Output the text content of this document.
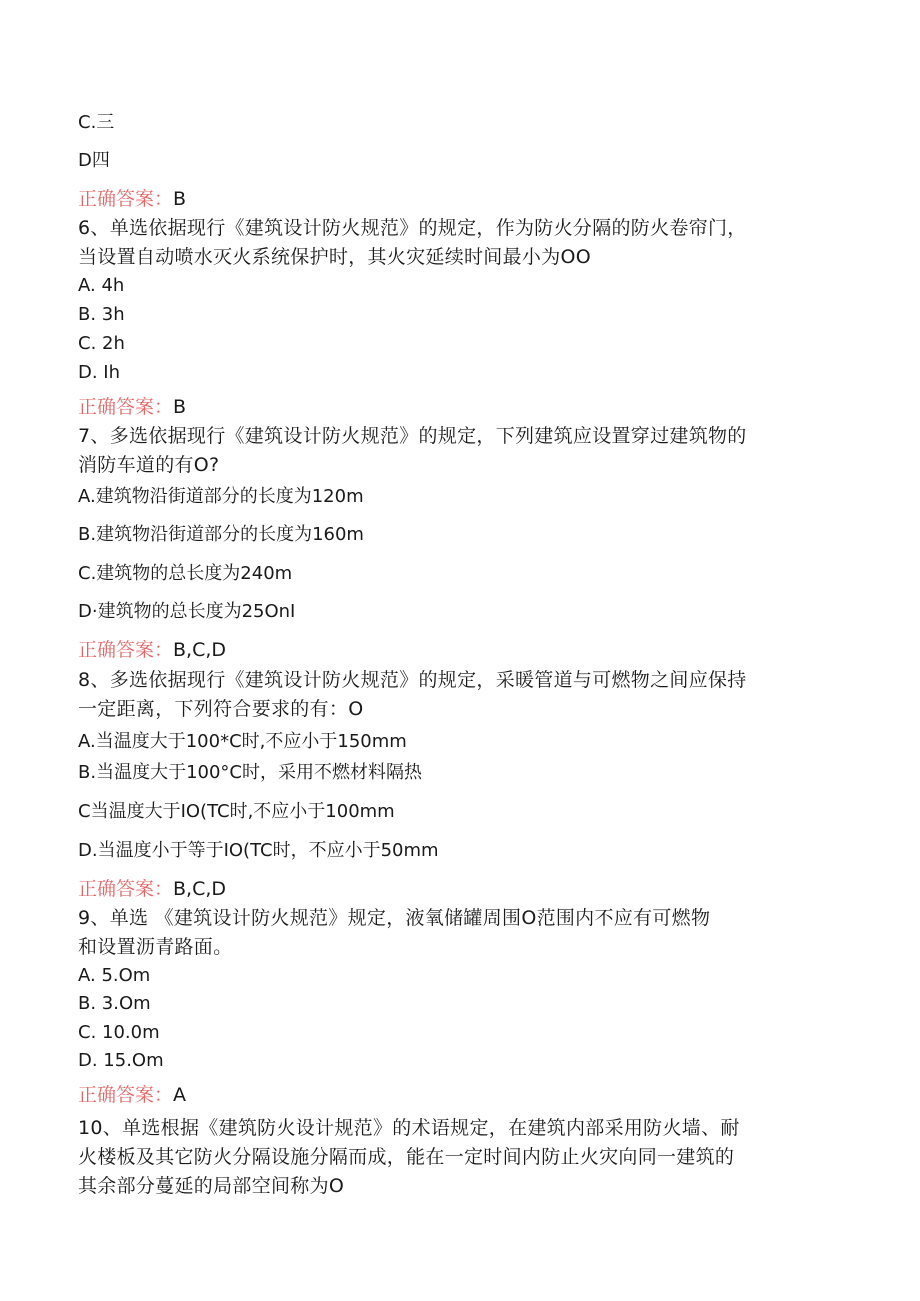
C.三
D四
正确答案：B
6、单选依据现行《建筑设计防火规范》的规定，作为防火分隔的防火卷帘门，
当设置自动喷水灭火系统保护时，其火灾延续时间最小为OO
A. 4h
B. 3h
C. 2h
D. Ih
正确答案：B
7、多选依据现行《建筑设计防火规范》的规定，下列建筑应设置穿过建筑物的
消防车道的有O?
A.建筑物沿街道部分的长度为120m
B.建筑物沿街道部分的长度为160m
C.建筑物的总长度为240m
D·建筑物的总长度为25OnI
正确答案：B,C,D
8、多选依据现行《建筑设计防火规范》的规定，采暖管道与可燃物之间应保持
一定距离，下列符合要求的有：O
A.当温度大于100*C时,不应小于150mm
B.当温度大于100°C时，采用不燃材料隔热
C当温度大于IO(TC时,不应小于100mm
D.当温度小于等于IO(TC时，不应小于50mm
正确答案：B,C,D
9、单选 《建筑设计防火规范》规定，液氧储罐周围O范围内不应有可燃物
和设置沥青路面。
A. 5.Om
B. 3.Om
C. 10.0m
D. 15.Om
正确答案：A
10、单选根据《建筑防火设计规范》的术语规定，在建筑内部采用防火墙、耐
火楼板及其它防火分隔设施分隔而成，能在一定时间内防止火灾向同一建筑的
其余部分蔓延的局部空间称为O
